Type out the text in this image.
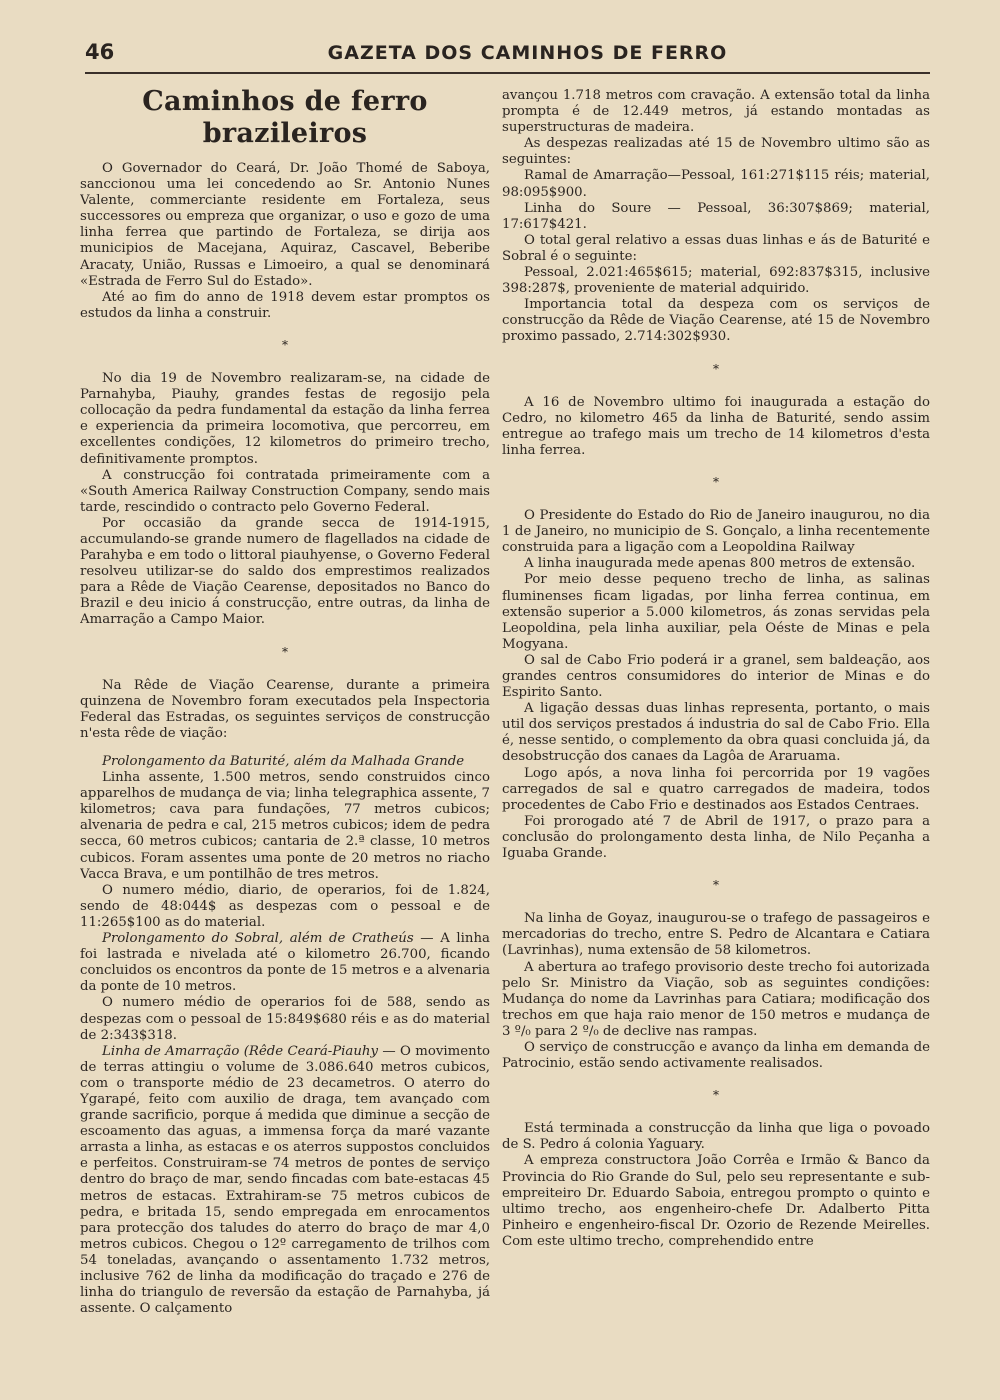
46	GAZETA DOS CAMINHOS DE FERRO
Caminhos de ferro brazileiros

O Governador do Ceará, Dr. João Thomé de Saboya, sanccionou uma lei concedendo ao Sr. Antonio Nunes Valente, commerciante residente em Fortaleza, seus successores ou empreza que organizar, o uso e gozo de uma linha ferrea que partindo de Fortaleza, se dirija aos municipios de Macejana, Aquiraz, Cascavel, Beberibe Aracaty, União, Russas e Limoeiro, a qual se denominará «Estrada de Ferro Sul do Estado».

Até ao fim do anno de 1918 devem estar promptos os estudos da linha a construir.

*

No dia 19 de Novembro realizaram-se, na cidade de Parnahyba, Piauhy, grandes festas de regosijo pela collocação da pedra fundamental da estação da linha ferrea e experiencia da primeira locomotiva, que percorreu, em excellentes condições, 12 kilometros do primeiro trecho, definitivamente promptos.

A construcção foi contratada primeiramente com a «South America Railway Construction Company, sendo mais tarde, rescindido o contracto pelo Governo Federal.

Por occasião da grande secca de 1914-1915, accumulando-se grande numero de flagellados na cidade de Parahyba e em todo o littoral piauhyense, o Governo Federal resolveu utilizar-se do saldo dos emprestimos realizados para a Rêde de Viação Cearense, depositados no Banco do Brazil e deu inicio á construcção, entre outras, da linha de Amarração a Campo Maior.

*

Na Rêde de Viação Cearense, durante a primeira quinzena de Novembro foram executados pela Inspectoria Federal das Estradas, os seguintes serviços de construcção n'esta rêde de viação:

Prolongamento da Baturité, além da Malhada Grande

Linha assente, 1.500 metros, sendo construidos cinco apparelhos de mudança de via; linha telegraphica assente, 7 kilometros; cava para fundações, 77 metros cubicos; alvenaria de pedra e cal, 215 metros cubicos; idem de pedra secca, 60 metros cubicos; cantaria de 2.ª classe, 10 metros cubicos. Foram assentes uma ponte de 20 metros no riacho Vacca Brava, e um pontilhão de tres metros.

O numero médio, diario, de operarios, foi de 1.824, sendo de 48:044$ as despezas com o pessoal e de 11:265$100 as do material.

Prolongamento do Sobral, além de Cratheús — A linha foi lastrada e nivelada até o kilometro 26.700, ficando concluidos os encontros da ponte de 15 metros e a alvenaria da ponte de 10 metros.

O numero médio de operarios foi de 588, sendo as despezas com o pessoal de 15:849$680 réis e as do material de 2:343$318.

Linha de Amarração (Rêde Ceará-Piauhy — O movimento de terras attingiu o volume de 3.086.640 metros cubicos, com o transporte médio de 23 decametros. O aterro do Ygarapé, feito com auxilio de draga, tem avançado com grande sacrificio, porque á medida que diminue a secção de escoamento das aguas, a immensa força da maré vazante arrasta a linha, as estacas e os aterros suppostos concluidos e perfeitos. Construiram-se 74 metros de pontes de serviço dentro do braço de mar, sendo fincadas com bate-estacas 45 metros de estacas. Extrahiram-se 75 metros cubicos de pedra, e britada 15, sendo empregada em enrocamentos para protecção dos taludes do aterro do braço de mar 4,0 metros cubicos. Chegou o 12º carregamento de trilhos com 54 toneladas, avançando o assentamento 1.732 metros, inclusive 762 de linha da modificação do traçado e 276 de linha do triangulo de reversão da estação de Parnahyba, já assente. O calçamento

avançou 1.718 metros com cravação. A extensão total da linha prompta é de 12.449 metros, já estando montadas as superstructuras de madeira.

As despezas realizadas até 15 de Novembro ultimo são as seguintes:

Ramal de Amarração—Pessoal, 161:271$115 réis; material, 98:095$900.

Linha do Soure — Pessoal, 36:307$869; material, 17:617$421.

O total geral relativo a essas duas linhas e ás de Baturité e Sobral é o seguinte:

Pessoal, 2.021:465$615; material, 692:837$315, inclusive 398:287$, proveniente de material adquirido.

Importancia total da despeza com os serviços de construcção da Rêde de Viação Cearense, até 15 de Novembro proximo passado, 2.714:302$930.

*

A 16 de Novembro ultimo foi inaugurada a estação do Cedro, no kilometro 465 da linha de Baturité, sendo assim entregue ao trafego mais um trecho de 14 kilometros d'esta linha ferrea.

*

O Presidente do Estado do Rio de Janeiro inaugurou, no dia 1 de Janeiro, no municipio de S. Gonçalo, a linha recentemente construida para a ligação com a Leopoldina Railway

A linha inaugurada mede apenas 800 metros de extensão.

Por meio desse pequeno trecho de linha, as salinas fluminenses ficam ligadas, por linha ferrea continua, em extensão superior a 5.000 kilometros, ás zonas servidas pela Leopoldina, pela linha auxiliar, pela Oéste de Minas e pela Mogyana.

O sal de Cabo Frio poderá ir a granel, sem baldeação, aos grandes centros consumidores do interior de Minas e do Espirito Santo.

A ligação dessas duas linhas representa, portanto, o mais util dos serviços prestados á industria do sal de Cabo Frio. Ella é, nesse sentido, o complemento da obra quasi concluida já, da desobstrucção dos canaes da Lagôa de Araruama.

Logo após, a nova linha foi percorrida por 19 vagões carregados de sal e quatro carregados de madeira, todos procedentes de Cabo Frio e destinados aos Estados Centraes.

Foi prorogado até 7 de Abril de 1917, o prazo para a conclusão do prolongamento desta linha, de Nilo Peçanha a Iguaba Grande.

*

Na linha de Goyaz, inaugurou-se o trafego de passageiros e mercadorias do trecho, entre S. Pedro de Alcantara e Catiara (Lavrinhas), numa extensão de 58 kilometros.

A abertura ao trafego provisorio deste trecho foi autorizada pelo Sr. Ministro da Viação, sob as seguintes condições: Mudança do nome da Lavrinhas para Catiara; modificação dos trechos em que haja raio menor de 150 metros e mudança de 3 º/₀ para 2 º/₀ de declive nas rampas.

O serviço de construcção e avanço da linha em demanda de Patrocinio, estão sendo activamente realisados.

*

Está terminada a construcção da linha que liga o povoado de S. Pedro á colonia Yaguary.

A empreza constructora João Corrêa e Irmão & Banco da Provincia do Rio Grande do Sul, pelo seu representante e sub-empreiteiro Dr. Eduardo Saboia, entregou prompto o quinto e ultimo trecho, aos engenheiro-chefe Dr. Adalberto Pitta Pinheiro e engenheiro-fiscal Dr. Ozorio de Rezende Meirelles. Com este ultimo trecho, comprehendido entre
